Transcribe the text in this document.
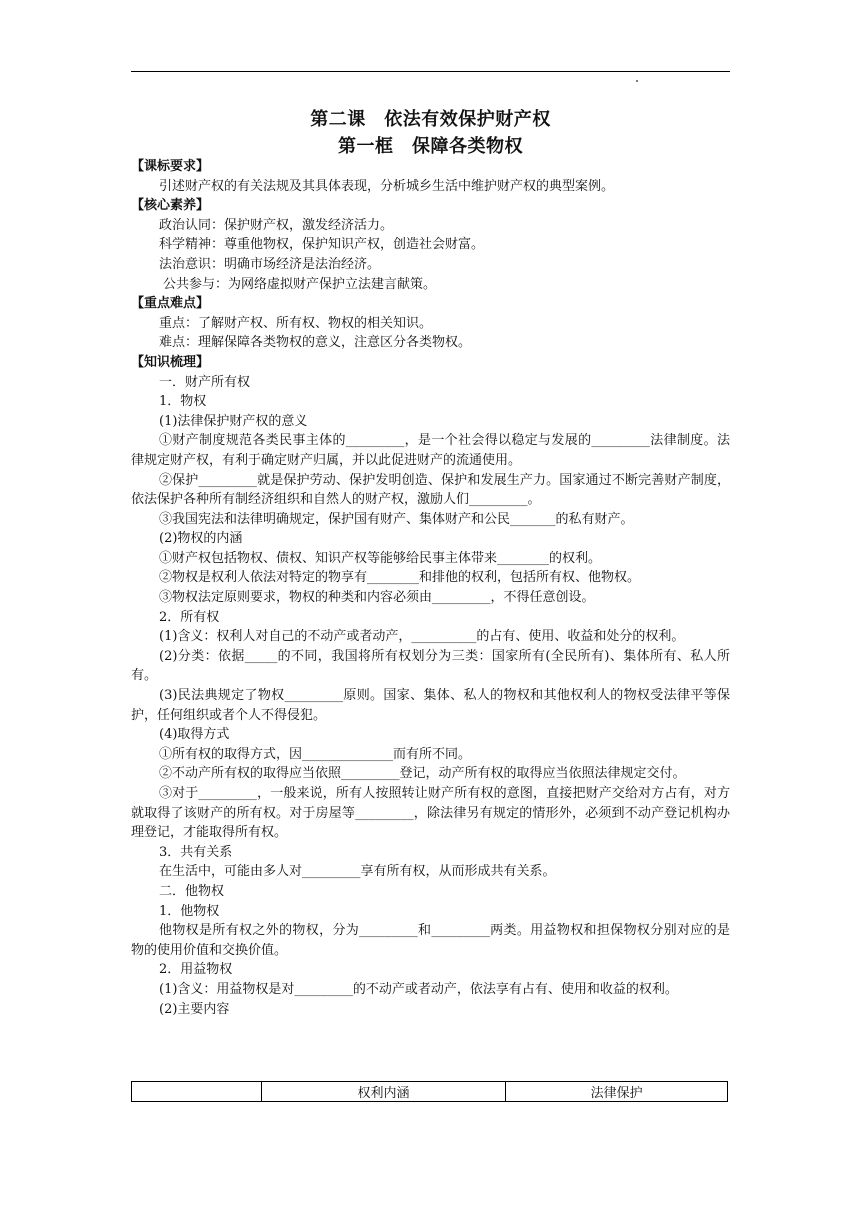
第二课　依法有效保护财产权
第一框　保障各类物权

【课标要求】

引述财产权的有关法规及其具体表现，分析城乡生活中维护财产权的典型案例。

【核心素养】

政治认同：保护财产权，激发经济活力。

科学精神：尊重他物权，保护知识产权，创造社会财富。

法治意识：明确市场经济是法治经济。

公共参与：为网络虚拟财产保护立法建言献策。

【重点难点】

重点：了解财产权、所有权、物权的相关知识。

难点：理解保障各类物权的意义，注意区分各类物权。

【知识梳理】

一．财产所有权

1．物权

(1)法律保护财产权的意义

①财产制度规范各类民事主体的_________，是一个社会得以稳定与发展的_________法律制度。法律规定财产权，有利于确定财产归属，并以此促进财产的流通使用。

②保护_________就是保护劳动、保护发明创造、保护和发展生产力。国家通过不断完善财产制度，依法保护各种所有制经济组织和自然人的财产权，激励人们_________。

③我国宪法和法律明确规定，保护国有财产、集体财产和公民_______的私有财产。

(2)物权的内涵

①财产权包括物权、债权、知识产权等能够给民事主体带来________的权利。

②物权是权利人依法对特定的物享有________和排他的权利，包括所有权、他物权。

③物权法定原则要求，物权的种类和内容必须由_________，不得任意创设。

2．所有权

(1)含义：权利人对自己的不动产或者动产，__________的占有、使用、收益和处分的权利。

(2)分类：依据_____的不同，我国将所有权划分为三类：国家所有(全民所有)、集体所有、私人所有。

(3)民法典规定了物权_________原则。国家、集体、私人的物权和其他权利人的物权受法律平等保护，任何组织或者个人不得侵犯。

(4)取得方式

①所有权的取得方式，因______________而有所不同。

②不动产所有权的取得应当依照_________登记，动产所有权的取得应当依照法律规定交付。

③对于_________，一般来说，所有人按照转让财产所有权的意图，直接把财产交给对方占有，对方就取得了该财产的所有权。对于房屋等_________，除法律另有规定的情形外，必须到不动产登记机构办理登记，才能取得所有权。

3．共有关系

在生活中，可能由多人对_________享有所有权，从而形成共有关系。

二．他物权

1．他物权

他物权是所有权之外的物权，分为_________和_________两类。用益物权和担保物权分别对应的是物的使用价值和交换价值。

2．用益物权

(1)含义：用益物权是对_________的不动产或者动产，依法享有占有、使用和收益的权利。

(2)主要内容

	权利内涵	法律保护
